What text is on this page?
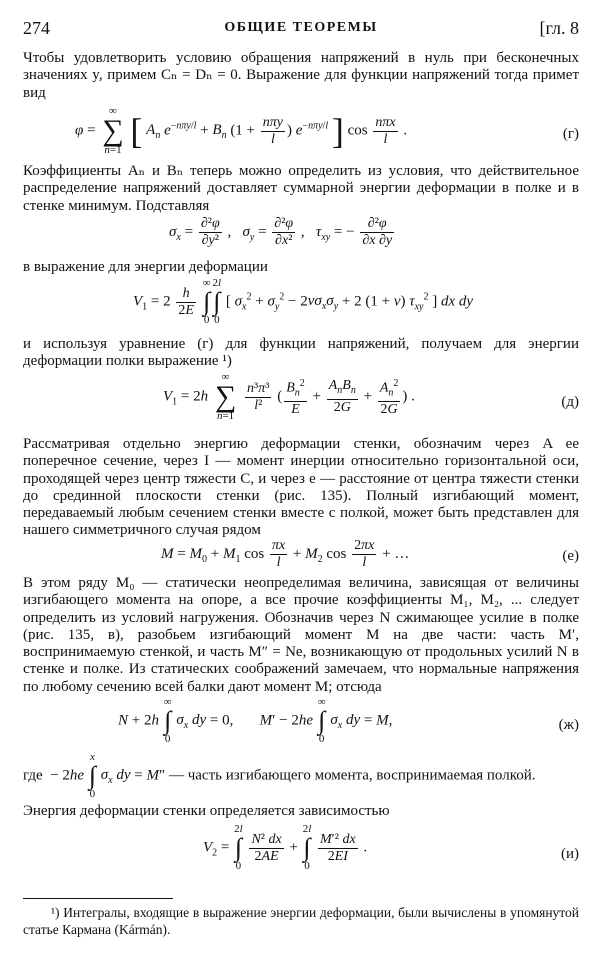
274	ОБЩИЕ ТЕОРЕМЫ	[гл. 8

Чтобы удовлетворить условию обращения напряжений в нуль при бесконечных значениях y, примем Cₙ = Dₙ = 0. Выражение для функции напряжений тогда примет вид

φ =
∞
∑
n=1 [ $A_n$ $e^{-n\pi y/l} + B_n$ ($1 + \frac{\text{nπy}}{l}$ ) $e^{-n\pi y/l}$ ] $\cos \frac{\text{nπx}}{l}$ .	(г)

Коэффициенты Aₙ и Bₙ теперь можно определить из условия, что действительное распределение напряжений доставляет суммарной энергии деформации в полке и в стенке минимум. Подставляя

$\sigma_x = \frac{\text{∂²φ}}{\text{∂y²}}$ ,   $\sigma_y = \frac{\text{∂²φ}}{\text{∂x²}}$ ,   $\tau_{xy}$ = − $\frac{\text{∂²φ}}{\partial x \partial y}$

в выражение для энергии деформации

$V_1 = 2 \frac{h}{2E}$

∞
∫
0
2l
∫
0
[ $\sigma_x^2 + \sigma_y^2 - 2\nu\sigma_x\sigma_y + 2$ (1 + ν) $\tau_{xy}^2$ ] dx dy

и используя уравнение (г) для функции напряжений, получаем для энергии деформации полки выражение ¹)

$V_1 = 2h$
∞
∑
n=1

$\frac{\text{n³π³}}{\text{l²}}$ ( $\frac{B_n^2}{E} + \frac{A_nB_n}{2G} + \frac{A_n^2}{2G}$ ) .	(д)

Рассматривая отдельно энергию деформации стенки, обозначим через A ее поперечное сечение, через I — момент инерции относительно горизонтальной оси, проходящей через центр тяжести C, и через e — расстояние от центра тяжести стенки до срединной плоскости стенки (рис. 135). Полный изгибающий момент, передаваемый любым сечением стенки вместе с полкой, может быть представлен для нашего симметричного случая рядом

$M = M_0 + M_1$ $\cos \frac{\pi x}{l} + M_2$ $\cos \frac{2\pi x}{l}$ + …	(е)

В этом ряду M₀ — статически неопределимая величина, зависящая от величины изгибающего момента на опоре, а все прочие коэффициенты M₁, M₂, ... следует определить из условий нагружения. Обозначив через N сжимающее усилие в полке (рис. 135, в), разобьем изгибающий момент M на две части: часть M′, воспринимаемую стенкой, и часть M″ = Ne, возникающую от продольных усилий N в стенке и полке. Из статических соображений замечаем, что нормальные напряжения по любому сечению всей балки дают момент M; отсюда

N + 2h
∞
∫
0
$\sigma_x$ dy = 0,       M′ − 2he
∞
∫
0
$\sigma_x$ dy = M,	(ж)
где  − 2he
x
∫
0
$\sigma_x$ dy = M″ — часть изгибающего момента, воспринимаемая полкой.

Энергия деформации стенки определяется зависимостью

$V_2$ =
2l
∫
0

$\frac{\text{N² dx}}{2AE}$ +
2l
∫
0

$\frac{\text{M′² dx}}{2EI}$ .	(и)

¹) Интегралы, входящие в выражение энергии деформации, были вычислены в упомянутой статье Кармана (Kármán).
